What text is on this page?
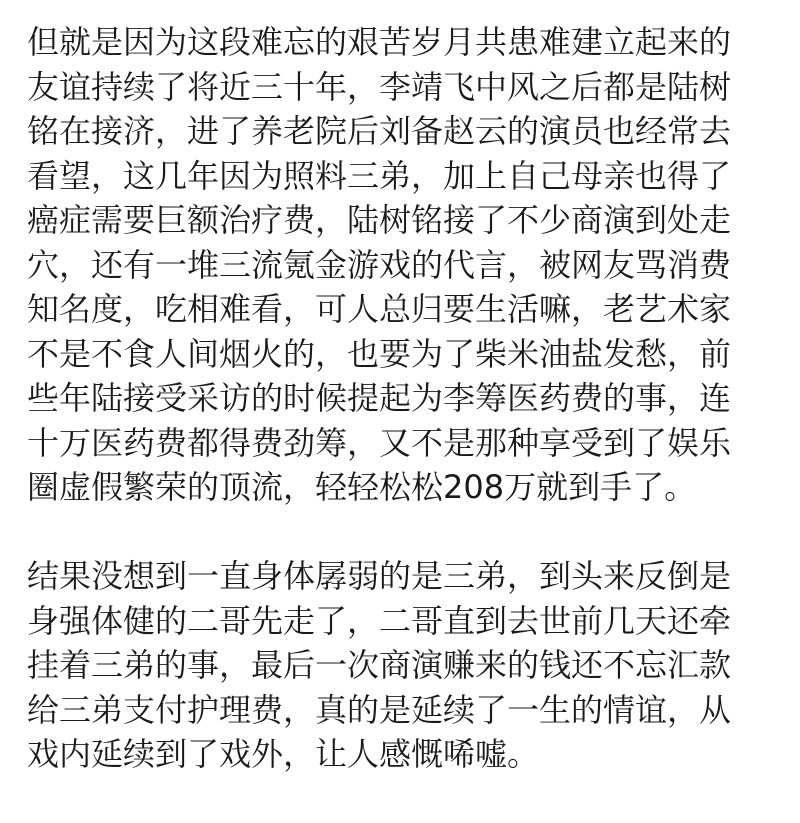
但就是因为这段难忘的艰苦岁月共患难建立起来的
友谊持续了将近三十年，李靖飞中风之后都是陆树
铭在接济，进了养老院后刘备赵云的演员也经常去
看望，这几年因为照料三弟，加上自己母亲也得了
癌症需要巨额治疗费，陆树铭接了不少商演到处走
穴，还有一堆三流氪金游戏的代言，被网友骂消费
知名度，吃相难看，可人总归要生活嘛，老艺术家
不是不食人间烟火的，也要为了柴米油盐发愁，前
些年陆接受采访的时候提起为李筹医药费的事，连
十万医药费都得费劲筹，又不是那种享受到了娱乐
圈虚假繁荣的顶流，轻轻松松208万就到手了。
结果没想到一直身体孱弱的是三弟，到头来反倒是
身强体健的二哥先走了，二哥直到去世前几天还牵
挂着三弟的事，最后一次商演赚来的钱还不忘汇款
给三弟支付护理费，真的是延续了一生的情谊，从
戏内延续到了戏外，让人感慨唏嘘。
